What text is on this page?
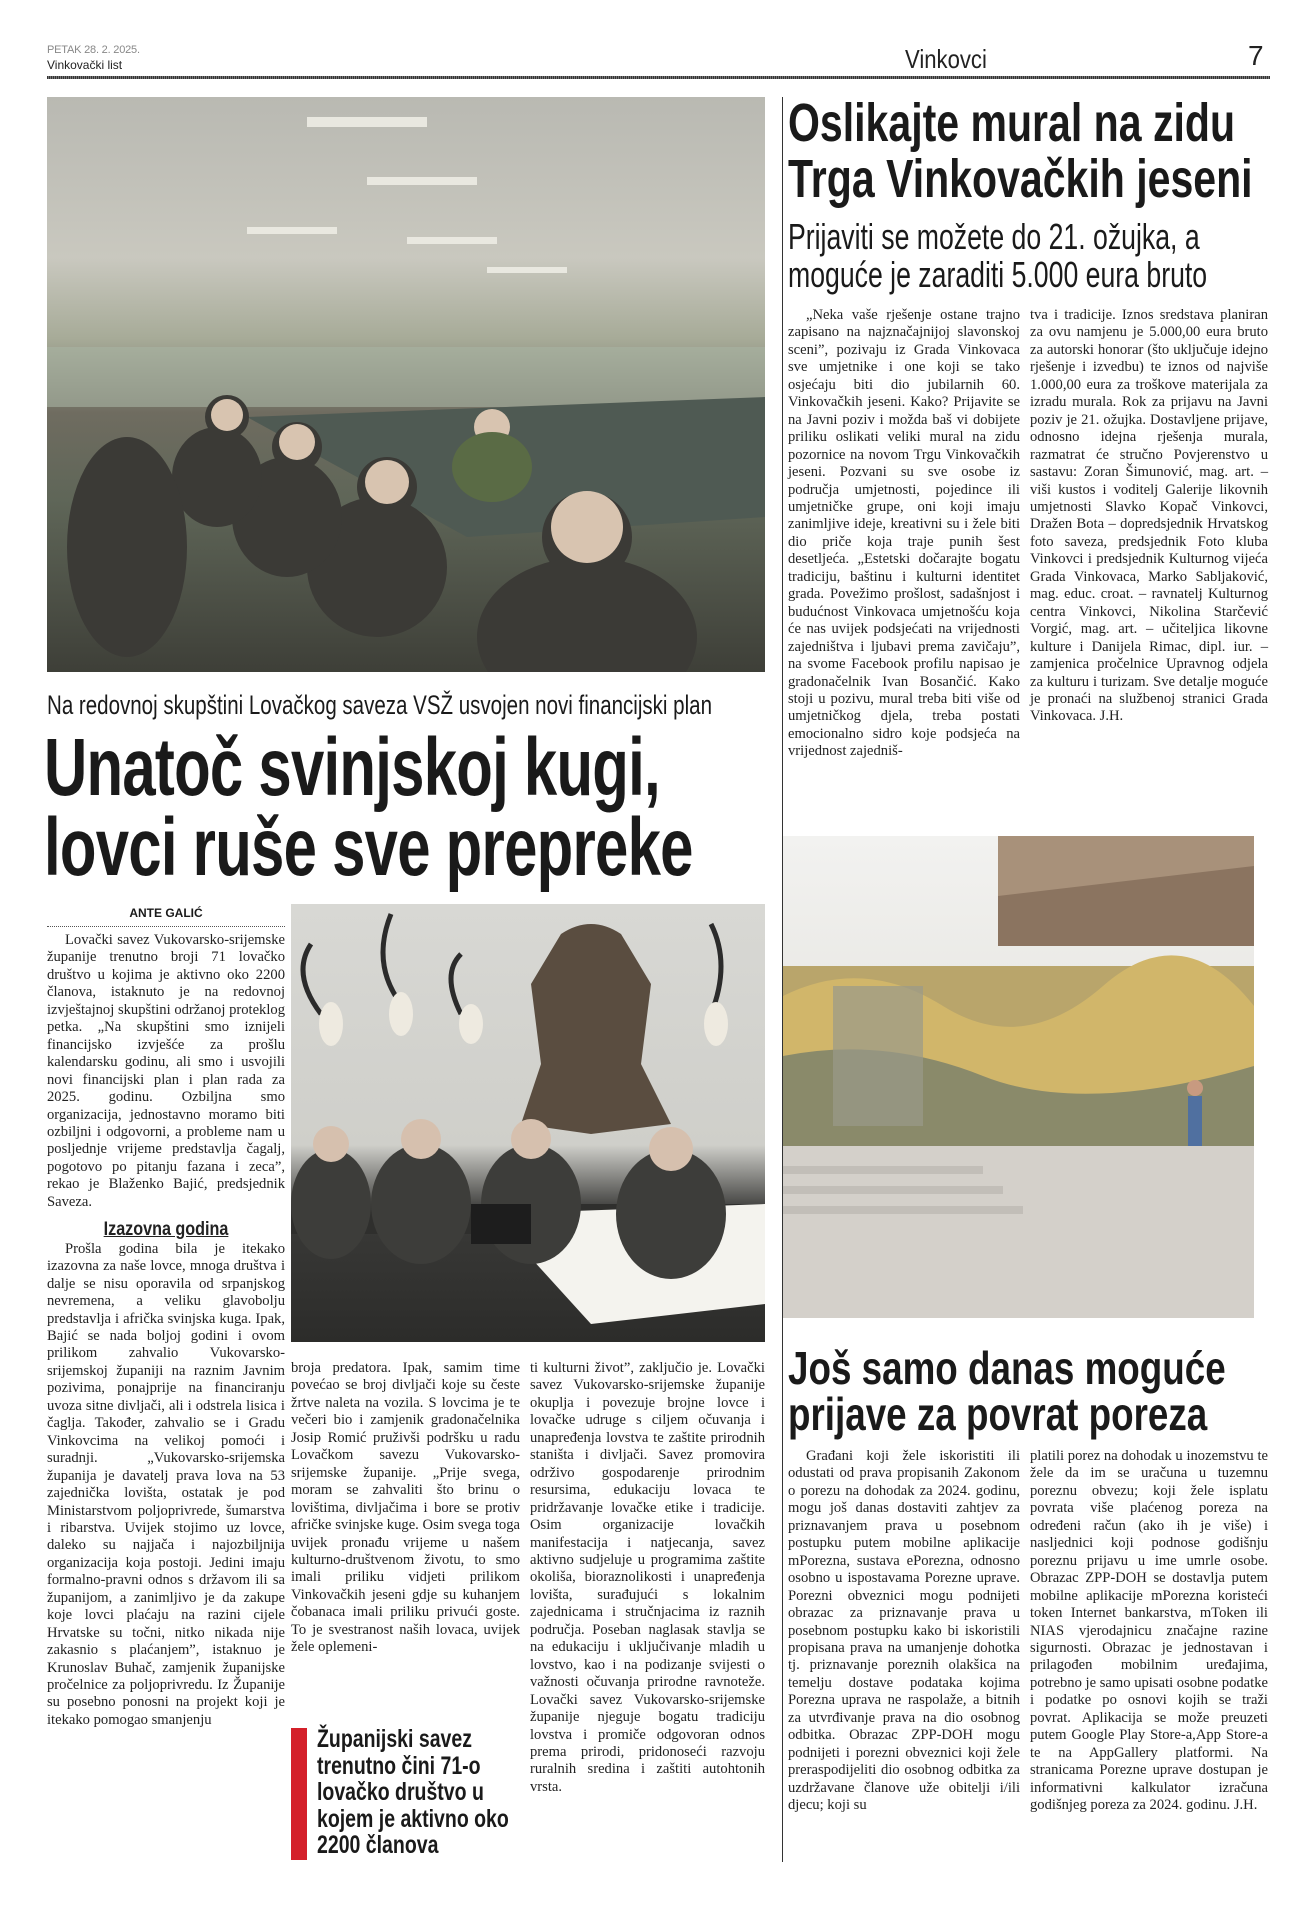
PETAK 28. 2. 2025.
Vinkovački list	Vinkovci	7
Na redovnoj skupštini Lovačkog saveza VSŽ usvojen novi financijski plan
Unatoč svinjskoj kugi,
lovci ruše sve prepreke
ANTE GALIĆ

Lovački savez Vukovarsko-srijemske županije trenutno broji 71 lovačko društvo u kojima je aktivno oko 2200 članova, istaknuto je na redovnoj izvještajnoj skupštini održanoj proteklog petka. „Na skupštini smo iznijeli financijsko izvješće za prošlu kalendarsku godinu, ali smo i usvojili novi financijski plan i plan rada za 2025. godinu. Ozbiljna smo organizacija, jednostavno moramo biti ozbiljni i odgovorni, a probleme nam u posljednje vrijeme predstavlja čagalj, pogotovo po pitanju fazana i zeca”, rekao je Blaženko Bajić, predsjednik Saveza.

Izazovna godina

Prošla godina bila je itekako izazovna za naše lovce, mnoga društva i dalje se nisu oporavila od srpanjskog nevremena, a veliku glavobolju predstavlja i afrička svinjska kuga. Ipak, Bajić se nada boljoj godini i ovom prilikom zahvalio Vukovarsko-srijemskoj županiji na raznim Javnim pozivima, ponajprije na financiranju uvoza sitne divljači, ali i odstrela lisica i čaglja. Također, zahvalio se i Gradu Vinkovcima na velikoj pomoći i suradnji. „Vukovarsko-srijemska županija je davatelj prava lova na 53 zajednička lovišta, ostatak je pod Ministarstvom poljoprivrede, šumarstva i ribarstva. Uvijek stojimo uz lovce, daleko su najjača i najozbiljnija organizacija koja postoji. Jedini imaju formalno-pravni odnos s državom ili sa županijom, a zanimljivo je da zakupe koje lovci plaćaju na razini cijele Hrvatske su točni, nitko nikada nije zakasnio s plaćanjem”, istaknuo je Krunoslav Buhač, zamjenik županijske pročelnice za poljoprivredu. Iz Županije su posebno ponosni na projekt koji je itekako pomogao smanjenju

broja predatora. Ipak, samim time povećao se broj divljači koje su česte žrtve naleta na vozila. S lovcima je te večeri bio i zamjenik gradonačelnika Josip Romić pruživši podršku u radu Lovačkom savezu Vukovarsko-srijemske županije. „Prije svega, moram se zahvaliti što brinu o lovištima, divljačima i bore se protiv afričke svinjske kuge. Osim svega toga uvijek pronađu vrijeme u našem kulturno-društvenom životu, to smo imali priliku vidjeti prilikom Vinkovačkih jeseni gdje su kuhanjem čobanaca imali priliku privući goste. To je svestranost naših lovaca, uvijek žele oplemeni-

ti kulturni život”, zaključio je. Lovački savez Vukovarsko-srijemske županije okuplja i povezuje brojne lovce i lovačke udruge s ciljem očuvanja i unapređenja lovstva te zaštite prirodnih staništa i divljači. Savez promovira održivo gospodarenje prirodnim resursima, edukaciju lovaca te pridržavanje lovačke etike i tradicije. Osim organizacije lovačkih manifestacija i natjecanja, savez aktivno sudjeluje u programima zaštite okoliša, bioraznolikosti i unapređenja lovišta, surađujući s lokalnim zajednicama i stručnjacima iz raznih područja. Poseban naglasak stavlja se na edukaciju i uključivanje mladih u lovstvo, kao i na podizanje svijesti o važnosti očuvanja prirodne ravnoteže. Lovački savez Vukovarsko-srijemske županije njeguje bogatu tradiciju lovstva i promiče odgovoran odnos prema prirodi, pridonoseći razvoju ruralnih sredina i zaštiti autohtonih vrsta.

Županijski savez trenutno čini 71-o lovačko društvo u kojem je aktivno oko 2200 članova
Oslikajte mural na zidu
Trga Vinkovačkih jeseni
Prijaviti se možete do 21. ožujka, a
moguće je zaraditi 5.000 eura bruto

„Neka vaše rješenje ostane trajno zapisano na najznačajnijoj slavonskoj sceni”, pozivaju iz Grada Vinkovaca sve umjetnike i one koji se tako osjećaju biti dio jubilarnih 60. Vinkovačkih jeseni. Kako? Prijavite se na Javni poziv i možda baš vi dobijete priliku oslikati veliki mural na zidu pozornice na novom Trgu Vinkovačkih jeseni. Pozvani su sve osobe iz područja umjetnosti, pojedince ili umjetničke grupe, oni koji imaju zanimljive ideje, kreativni su i žele biti dio priče koja traje punih šest desetljeća. „Estetski dočarajte bogatu tradiciju, baštinu i kulturni identitet grada. Povežimo prošlost, sadašnjost i budućnost Vinkovaca umjetnošću koja će nas uvijek podsjećati na vrijednosti zajedništva i ljubavi prema zavičaju”, na svome Facebook profilu napisao je gradonačelnik Ivan Bosančić. Kako stoji u pozivu, mural treba biti više od umjetničkog djela, treba postati emocionalno sidro koje podsjeća na vrijednost zajedniš-

tva i tradicije. Iznos sredstava planiran za ovu namjenu je 5.000,00 eura bruto za autorski honorar (što uključuje idejno rješenje i izvedbu) te iznos od najviše 1.000,00 eura za troškove materijala za izradu murala. Rok za prijavu na Javni poziv je 21. ožujka. Dostavljene prijave, odnosno idejna rješenja murala, razmatrat će stručno Povjerenstvo u sastavu: Zoran Šimunović, mag. art. – viši kustos i voditelj Galerije likovnih umjetnosti Slavko Kopač Vinkovci, Dražen Bota – dopredsjednik Hrvatskog foto saveza, predsjednik Foto kluba Vinkovci i predsjednik Kulturnog vijeća Grada Vinkovaca, Marko Sabljaković, mag. educ. croat. – ravnatelj Kulturnog centra Vinkovci, Nikolina Starčević Vorgić, mag. art. – učiteljica likovne kulture i Danijela Rimac, dipl. iur. – zamjenica pročelnice Upravnog odjela za kulturu i turizam. Sve detalje moguće je pronaći na službenoj stranici Grada Vinkovaca. J.H.

Još samo danas moguće
prijave za povrat poreza

Građani koji žele iskoristiti ili odustati od prava propisanih Zakonom o porezu na dohodak za 2024. godinu, mogu još danas dostaviti zahtjev za priznavanjem prava u posebnom postupku putem mobilne aplikacije mPorezna, sustava ePorezna, odnosno osobno u ispostavama Porezne uprave. Porezni obveznici mogu podnijeti obrazac za priznavanje prava u posebnom postupku kako bi iskoristili propisana prava na umanjenje dohotka tj. priznavanje poreznih olakšica na temelju dostave podataka kojima Porezna uprava ne raspolaže, a bitnih za utvrđivanje prava na dio osobnog odbitka. Obrazac ZPP-DOH mogu podnijeti i porezni obveznici koji žele preraspodijeliti dio osobnog odbitka za uzdržavane članove uže obitelji i/ili djecu; koji su

platili porez na dohodak u inozemstvu te žele da im se uračuna u tuzemnu poreznu obvezu; koji žele isplatu povrata više plaćenog poreza na određeni račun (ako ih je više) i nasljednici koji podnose godišnju poreznu prijavu u ime umrle osobe. Obrazac ZPP-DOH se dostavlja putem mobilne aplikacije mPorezna koristeći token Internet bankarstva, mToken ili NIAS vjerodajnicu značajne razine sigurnosti. Obrazac je jednostavan i prilagođen mobilnim uređajima, potrebno je samo upisati osobne podatke i podatke po osnovi kojih se traži povrat. Aplikacija se može preuzeti putem Google Play Store-a,App Store-a te na AppGallery platformi. Na stranicama Porezne uprave dostupan je informativni kalkulator izračuna godišnjeg poreza za 2024. godinu. J.H.
